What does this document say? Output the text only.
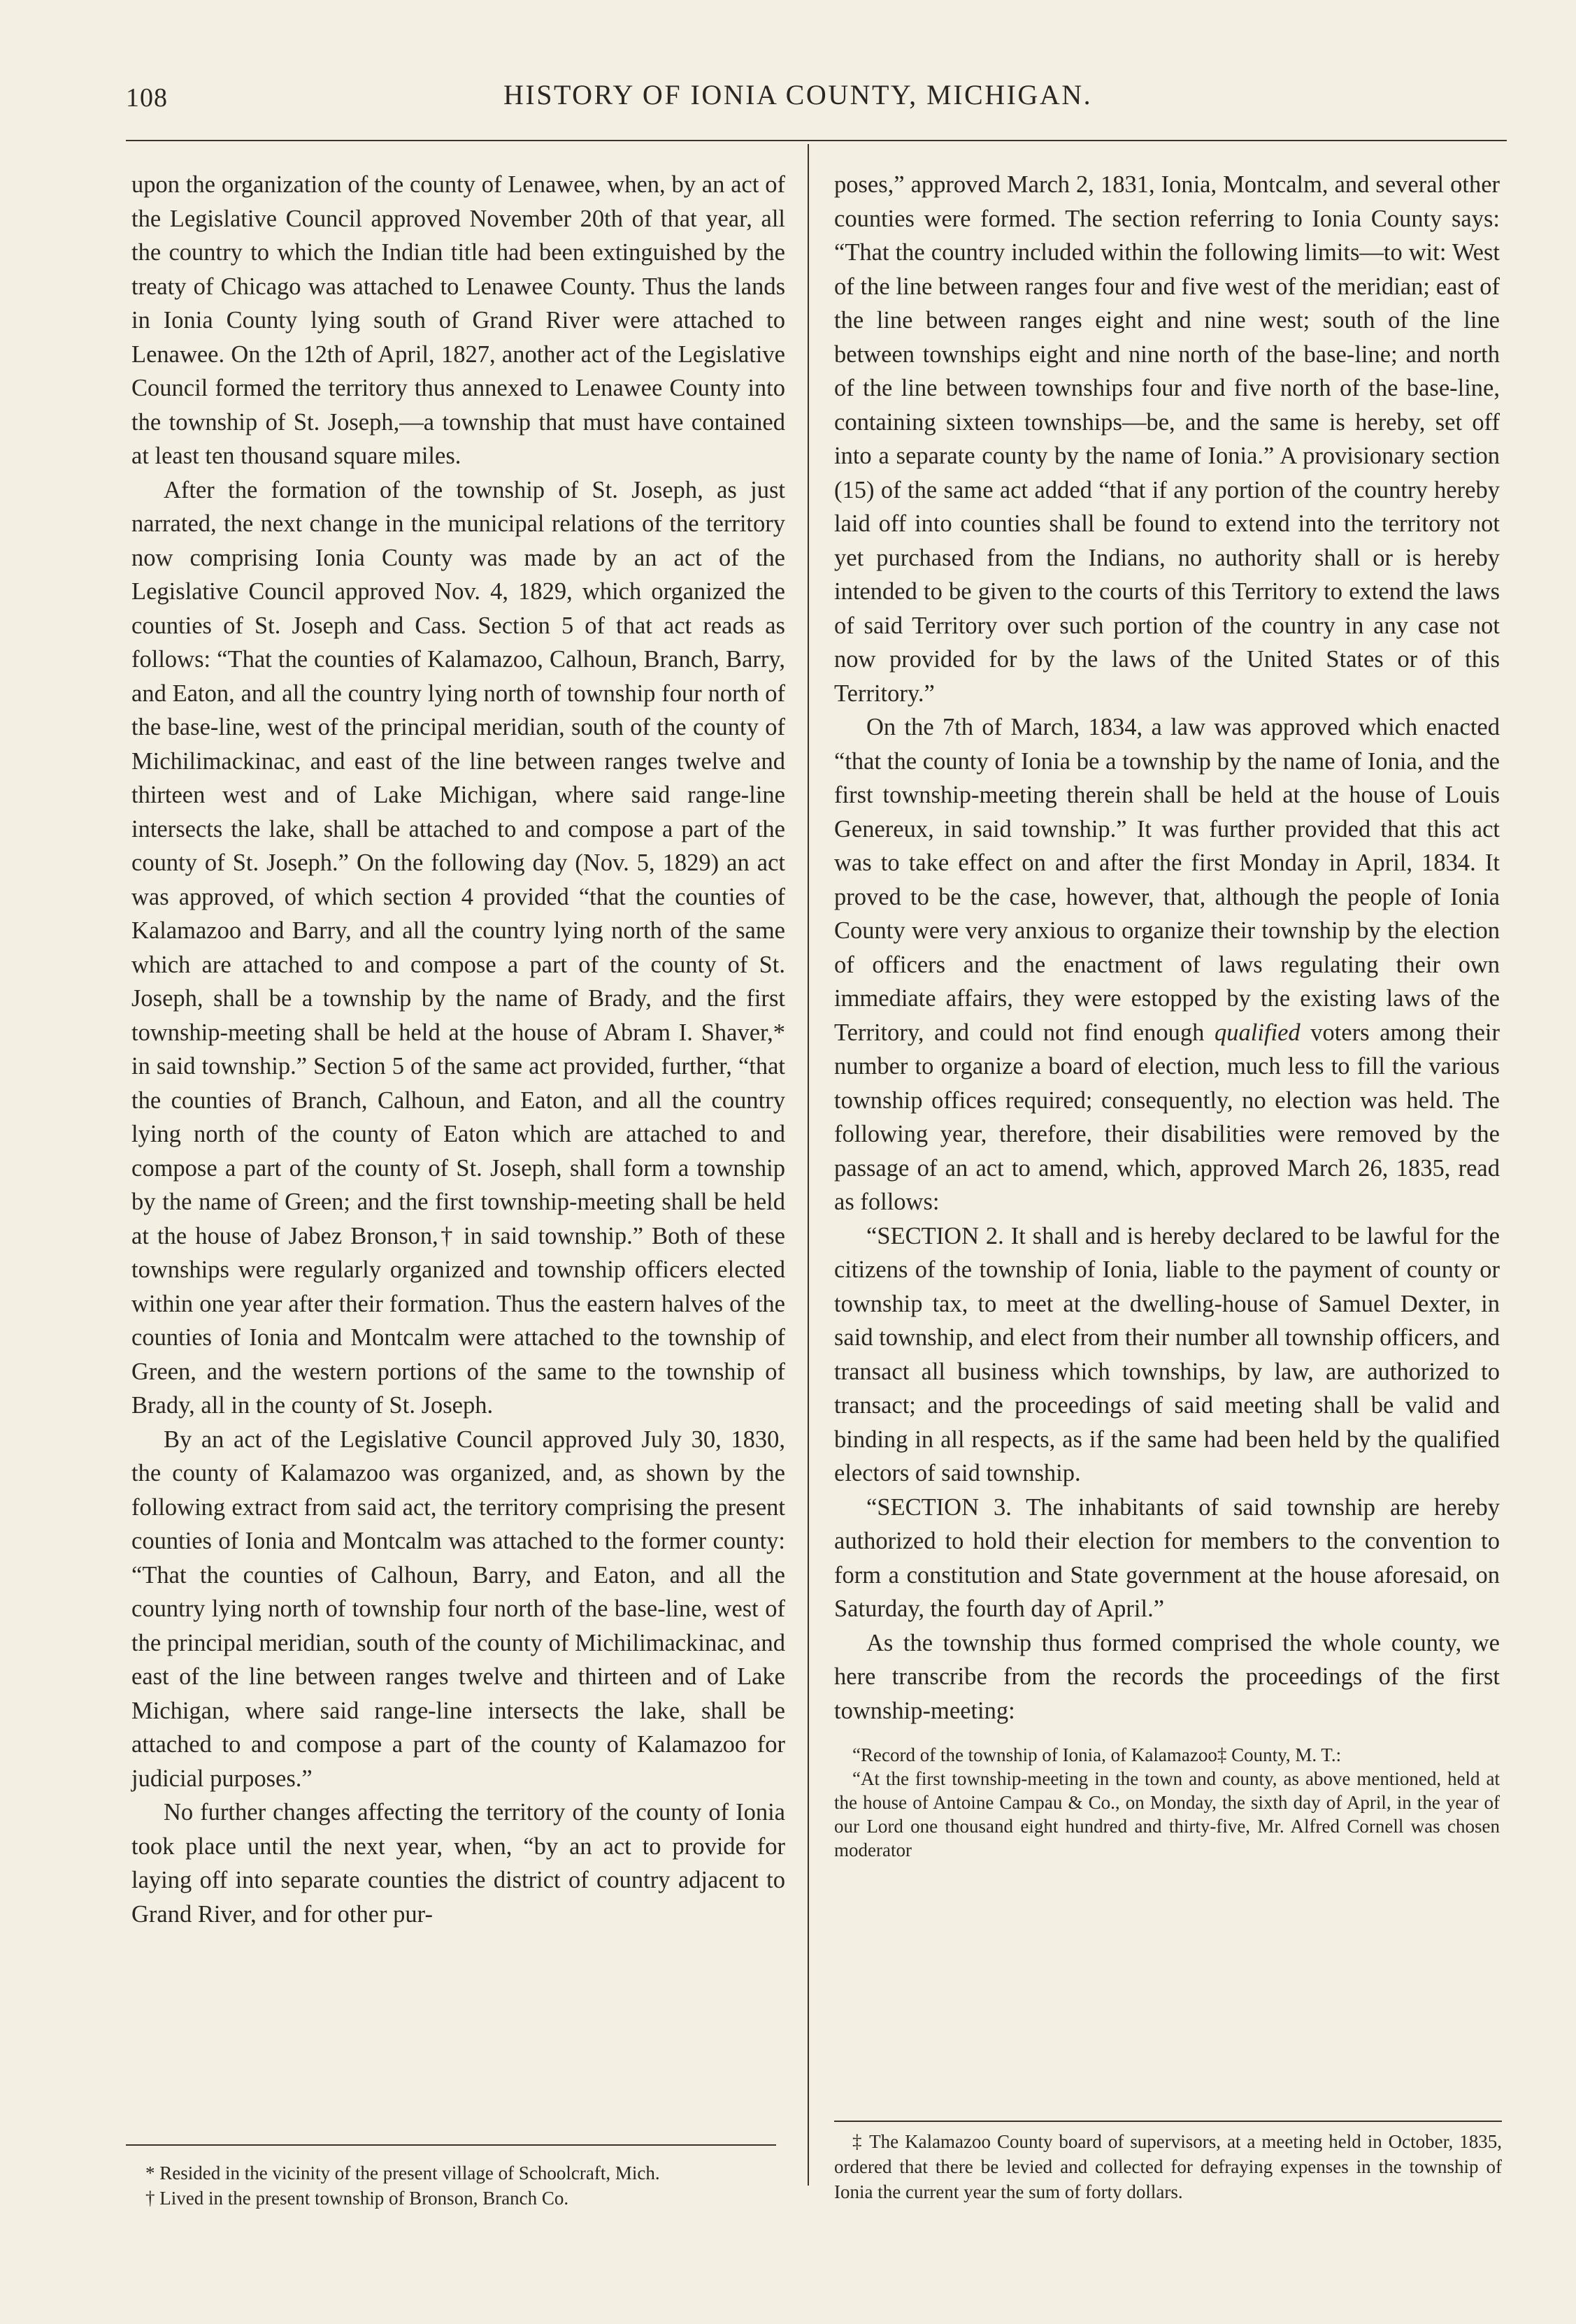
108	HISTORY OF IONIA COUNTY, MICHIGAN.

upon the organization of the county of Lenawee, when, by an act of the Legislative Council approved November 20th of that year, all the country to which the Indian title had been extinguished by the treaty of Chicago was attached to Lenawee County. Thus the lands in Ionia County lying south of Grand River were attached to Lenawee. On the 12th of April, 1827, another act of the Legislative Council formed the territory thus annexed to Lenawee County into the township of St. Joseph,—a township that must have contained at least ten thousand square miles.

After the formation of the township of St. Joseph, as just narrated, the next change in the municipal relations of the territory now comprising Ionia County was made by an act of the Legislative Council approved Nov. 4, 1829, which organized the counties of St. Joseph and Cass. Section 5 of that act reads as follows: “That the counties of Kalamazoo, Calhoun, Branch, Barry, and Eaton, and all the country lying north of township four north of the base-line, west of the principal meridian, south of the county of Michilimackinac, and east of the line between ranges twelve and thirteen west and of Lake Michigan, where said range-line intersects the lake, shall be attached to and compose a part of the county of St. Joseph.” On the following day (Nov. 5, 1829) an act was approved, of which section 4 provided “that the counties of Kalamazoo and Barry, and all the country lying north of the same which are attached to and compose a part of the county of St. Joseph, shall be a township by the name of Brady, and the first township-meeting shall be held at the house of Abram I. Shaver,* in said township.” Section 5 of the same act provided, further, “that the counties of Branch, Calhoun, and Eaton, and all the country lying north of the county of Eaton which are attached to and compose a part of the county of St. Joseph, shall form a township by the name of Green; and the first township-meeting shall be held at the house of Jabez Bronson,† in said township.” Both of these townships were regularly organized and township officers elected within one year after their formation. Thus the eastern halves of the counties of Ionia and Montcalm were attached to the township of Green, and the western portions of the same to the township of Brady, all in the county of St. Joseph.

By an act of the Legislative Council approved July 30, 1830, the county of Kalamazoo was organized, and, as shown by the following extract from said act, the territory comprising the present counties of Ionia and Montcalm was attached to the former county: “That the counties of Calhoun, Barry, and Eaton, and all the country lying north of township four north of the base-line, west of the principal meridian, south of the county of Michilimackinac, and east of the line between ranges twelve and thirteen and of Lake Michigan, where said range-line intersects the lake, shall be attached to and compose a part of the county of Kalamazoo for judicial purposes.”

No further changes affecting the territory of the county of Ionia took place until the next year, when, “by an act to provide for laying off into separate counties the district of country adjacent to Grand River, and for other pur-

poses,” approved March 2, 1831, Ionia, Montcalm, and several other counties were formed. The section referring to Ionia County says: “That the country included within the following limits—to wit: West of the line between ranges four and five west of the meridian; east of the line between ranges eight and nine west; south of the line between townships eight and nine north of the base-line; and north of the line between townships four and five north of the base-line, containing sixteen townships—be, and the same is hereby, set off into a separate county by the name of Ionia.” A provisionary section (15) of the same act added “that if any portion of the country hereby laid off into counties shall be found to extend into the territory not yet purchased from the Indians, no authority shall or is hereby intended to be given to the courts of this Territory to extend the laws of said Territory over such portion of the country in any case not now provided for by the laws of the United States or of this Territory.”

On the 7th of March, 1834, a law was approved which enacted “that the county of Ionia be a township by the name of Ionia, and the first township-meeting therein shall be held at the house of Louis Genereux, in said township.” It was further provided that this act was to take effect on and after the first Monday in April, 1834. It proved to be the case, however, that, although the people of Ionia County were very anxious to organize their township by the election of officers and the enactment of laws regulating their own immediate affairs, they were estopped by the existing laws of the Territory, and could not find enough qualified voters among their number to organize a board of election, much less to fill the various township offices required; consequently, no election was held. The following year, therefore, their disabilities were removed by the passage of an act to amend, which, approved March 26, 1835, read as follows:

“SECTION 2. It shall and is hereby declared to be lawful for the citizens of the township of Ionia, liable to the payment of county or township tax, to meet at the dwelling-house of Samuel Dexter, in said township, and elect from their number all township officers, and transact all business which townships, by law, are authorized to transact; and the proceedings of said meeting shall be valid and binding in all respects, as if the same had been held by the qualified electors of said township.

“SECTION 3. The inhabitants of said township are hereby authorized to hold their election for members to the convention to form a constitution and State government at the house aforesaid, on Saturday, the fourth day of April.”

As the township thus formed comprised the whole county, we here transcribe from the records the proceedings of the first township-meeting:

“Record of the township of Ionia, of Kalamazoo‡ County, M. T.:

“At the first township-meeting in the town and county, as above mentioned, held at the house of Antoine Campau & Co., on Monday, the sixth day of April, in the year of our Lord one thousand eight hundred and thirty-five, Mr. Alfred Cornell was chosen moderator

* Resided in the vicinity of the present village of Schoolcraft, Mich.

† Lived in the present township of Bronson, Branch Co.

‡ The Kalamazoo County board of supervisors, at a meeting held in October, 1835, ordered that there be levied and collected for defraying expenses in the township of Ionia the current year the sum of forty dollars.
